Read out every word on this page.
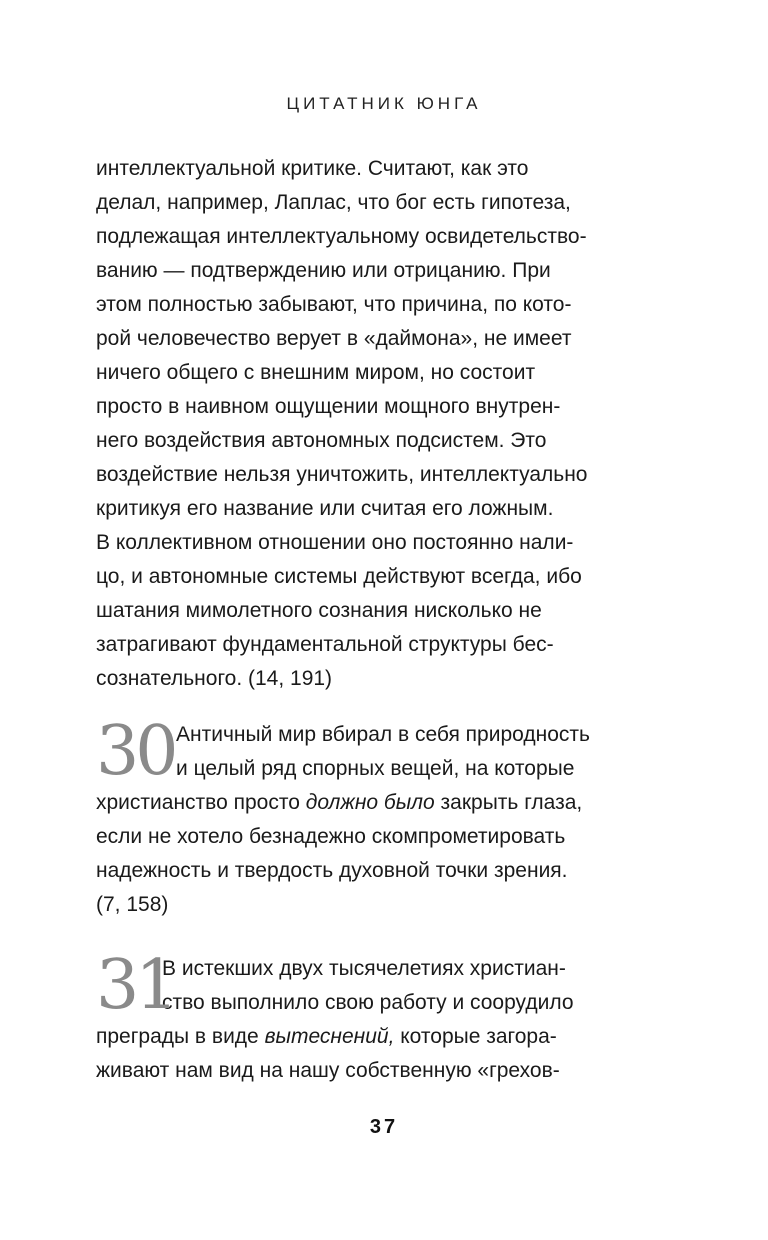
ЦИТАТНИК ЮНГА
интеллектуальной критике. Считают, как это
делал, например, Лаплас, что бог есть гипотеза,
подлежащая интеллектуальному освидетельство-
ванию — подтверждению или отрицанию. При
этом полностью забывают, что причина, по кото-
рой человечество верует в «даймона», не имеет
ничего общего с внешним миром, но состоит
просто в наивном ощущении мощного внутрен-
него воздействия автономных подсистем. Это
воздействие нельзя уничтожить, интеллектуально
критикуя его название или считая его ложным.
В коллективном отношении оно постоянно нали-
цо, и автономные системы действуют всегда, ибо
шатания мимолетного сознания нисколько не
затрагивают фундаментальной структуры бес-
сознательного. (14, 191)
30 Античный мир вбирал в себя природность
и целый ряд спорных вещей, на которые
христианство просто должно было закрыть глаза,
если не хотело безнадежно скомпрометировать
надежность и твердость духовной точки зрения.
(7, 158)
31
В истекших двух тысячелетиях христиан-
ство выполнило свою работу и соорудило
преграды в виде вытеснений, которые загора-
живают нам вид на нашу собственную «грехов-
37
